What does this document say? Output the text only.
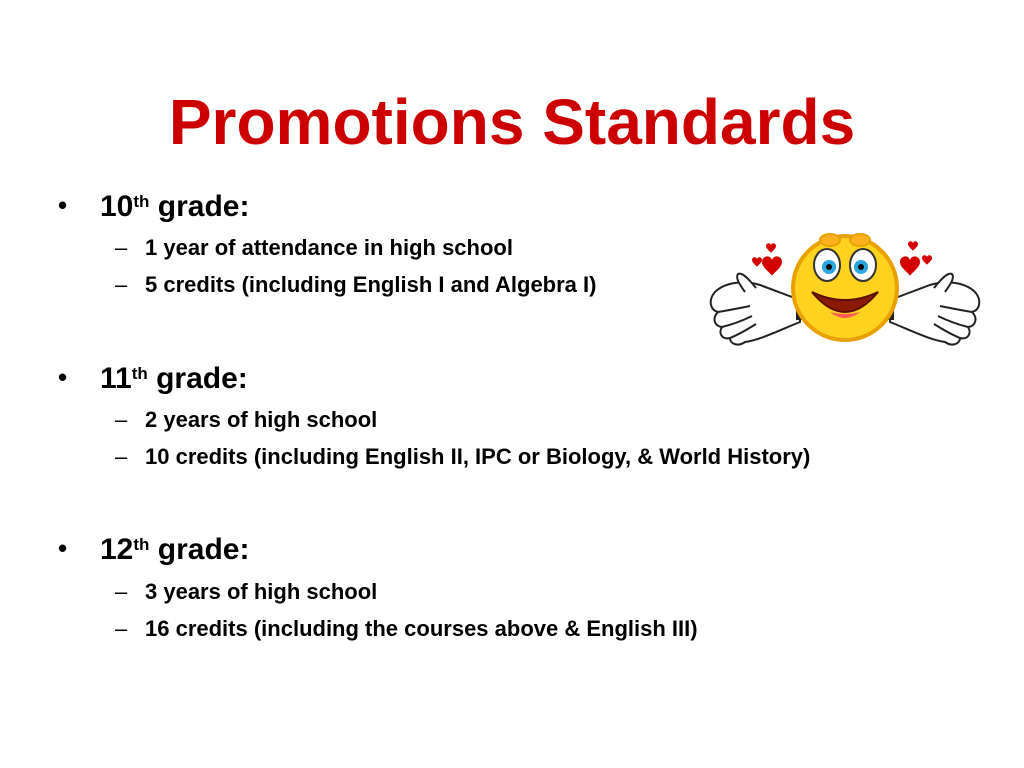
Promotions Standards
• 10th grade:
– 1 year of attendance in high school
– 5 credits (including English I and Algebra I)
• 11th grade:
– 2 years of high school
– 10 credits (including English II, IPC or Biology, & World History)
• 12th grade:
– 3 years of high school
– 16 credits (including the courses above & English III)
